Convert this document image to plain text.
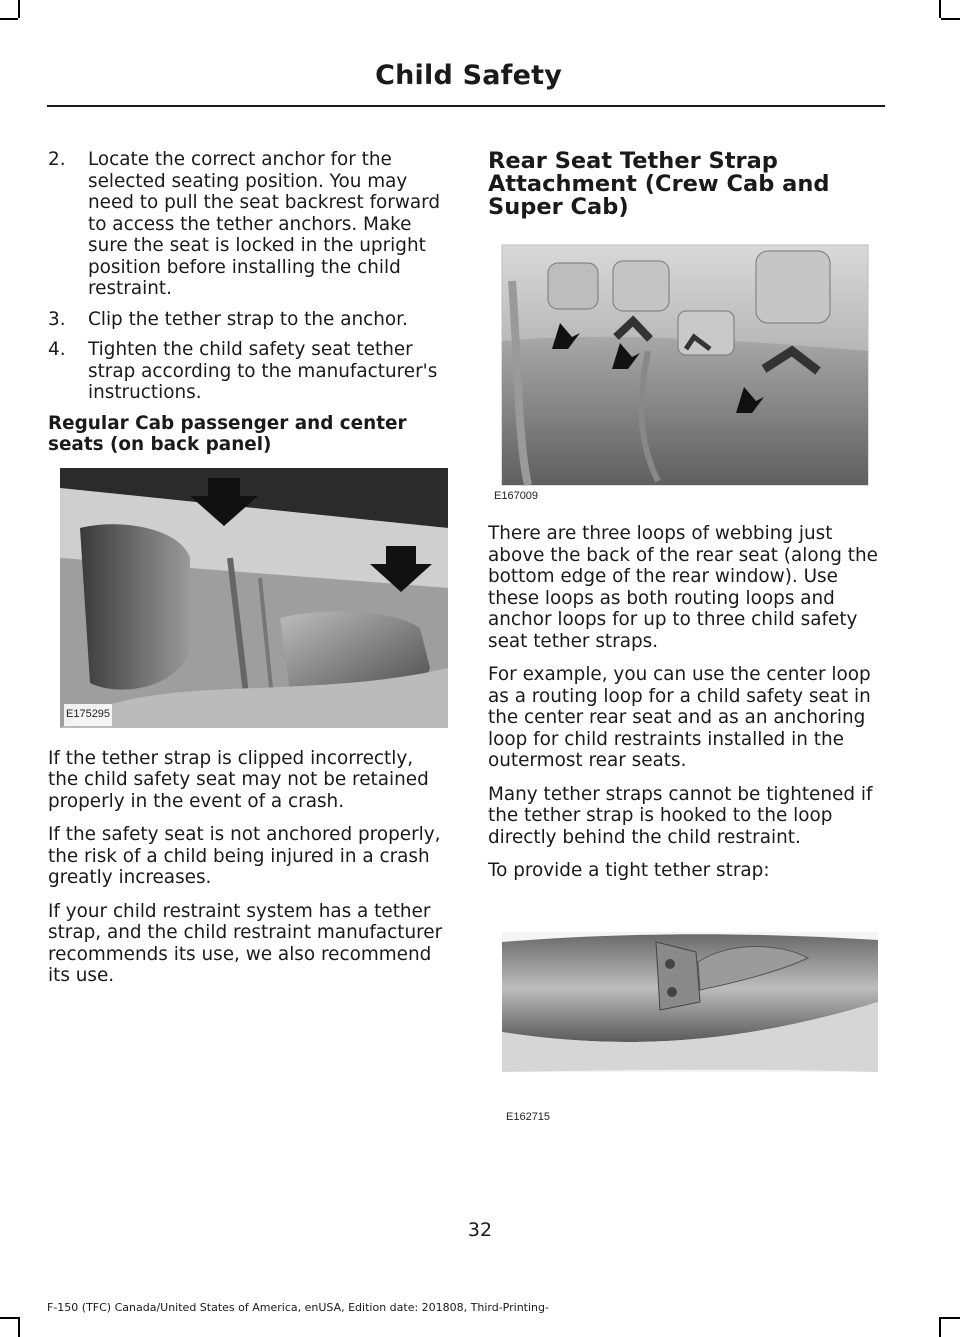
Child Safety
2.	Locate the correct anchor for the selected seating position. You may need to pull the seat backrest forward to access the tether anchors. Make sure the seat is locked in the upright position before installing the child restraint.
3.	Clip the tether strap to the anchor.
4.	Tighten the child safety seat tether strap according to the manufacturer's instructions.
Regular Cab passenger and center seats (on back panel)
E175295

If the tether strap is clipped incorrectly, the child safety seat may not be retained properly in the event of a crash.

If the safety seat is not anchored properly, the risk of a child being injured in a crash greatly increases.

If your child restraint system has a tether strap, and the child restraint manufacturer recommends its use, we also recommend its use.

Rear Seat Tether Strap Attachment (Crew Cab and Super Cab)
E167009

There are three loops of webbing just above the back of the rear seat (along the bottom edge of the rear window). Use these loops as both routing loops and anchor loops for up to three child safety seat tether straps.

For example, you can use the center loop as a routing loop for a child safety seat in the center rear seat and as an anchoring loop for child restraints installed in the outermost rear seats.

Many tether straps cannot be tightened if the tether strap is hooked to the loop directly behind the child restraint.

To provide a tight tether strap:

E162715
32
F-150 (TFC) Canada/United States of America, enUSA, Edition date: 201808, Third-Printing-
